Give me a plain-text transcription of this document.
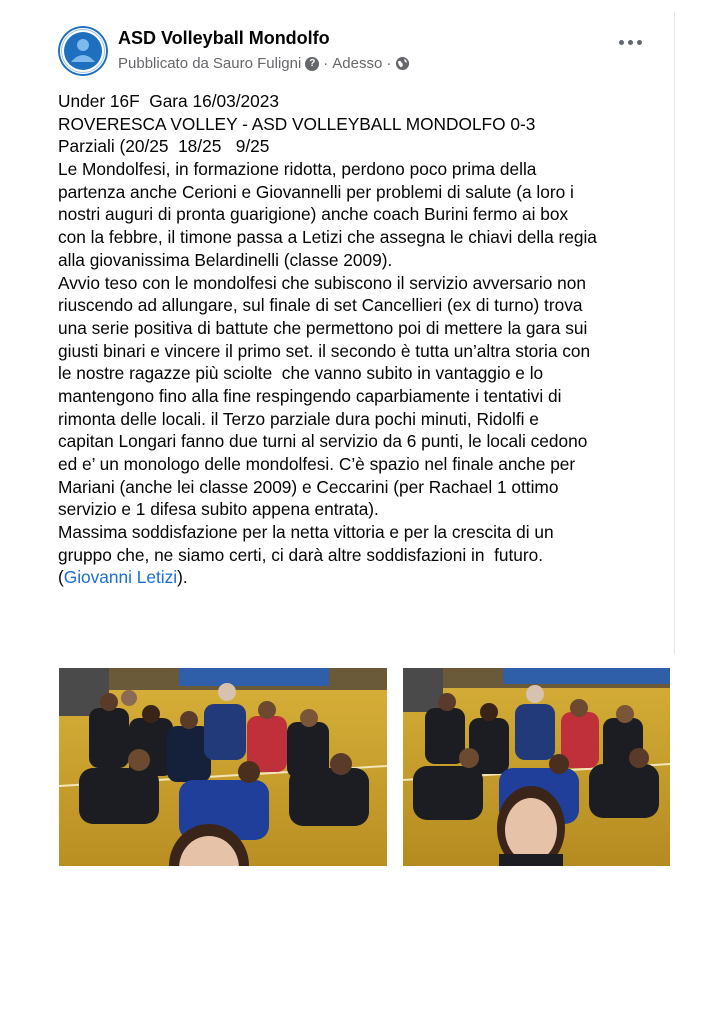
ASD Volleyball Mondolfo
Pubblicato da Sauro Fuligni ? · Adesso ·
Under 16F  Gara 16/03/2023
ROVERESCA VOLLEY - ASD VOLLEYBALL MONDOLFO 0-3
Parziali (20/25  18/25   9/25
Le Mondolfesi, in formazione ridotta, perdono poco prima della
partenza anche Cerioni e Giovannelli per problemi di salute (a loro i
nostri auguri di pronta guarigione) anche coach Burini fermo ai box
con la febbre, il timone passa a Letizi che assegna le chiavi della regia
alla giovanissima Belardinelli (classe 2009).
Avvio teso con le mondolfesi che subiscono il servizio avversario non
riuscendo ad allungare, sul finale di set Cancellieri (ex di turno) trova
una serie positiva di battute che permettono poi di mettere la gara sui
giusti binari e vincere il primo set. il secondo è tutta un’altra storia con
le nostre ragazze più sciolte  che vanno subito in vantaggio e lo
mantengono fino alla fine respingendo caparbiamente i tentativi di
rimonta delle locali. il Terzo parziale dura pochi minuti, Ridolfi e
capitan Longari fanno due turni al servizio da 6 punti, le locali cedono
ed e’ un monologo delle mondolfesi. C’è spazio nel finale anche per
Mariani (anche lei classe 2009) e Ceccarini (per Rachael 1 ottimo
servizio e 1 difesa subito appena entrata).
Massima soddisfazione per la netta vittoria e per la crescita di un
gruppo che, ne siamo certi, ci darà altre soddisfazioni in  futuro.
(Giovanni Letizi).
